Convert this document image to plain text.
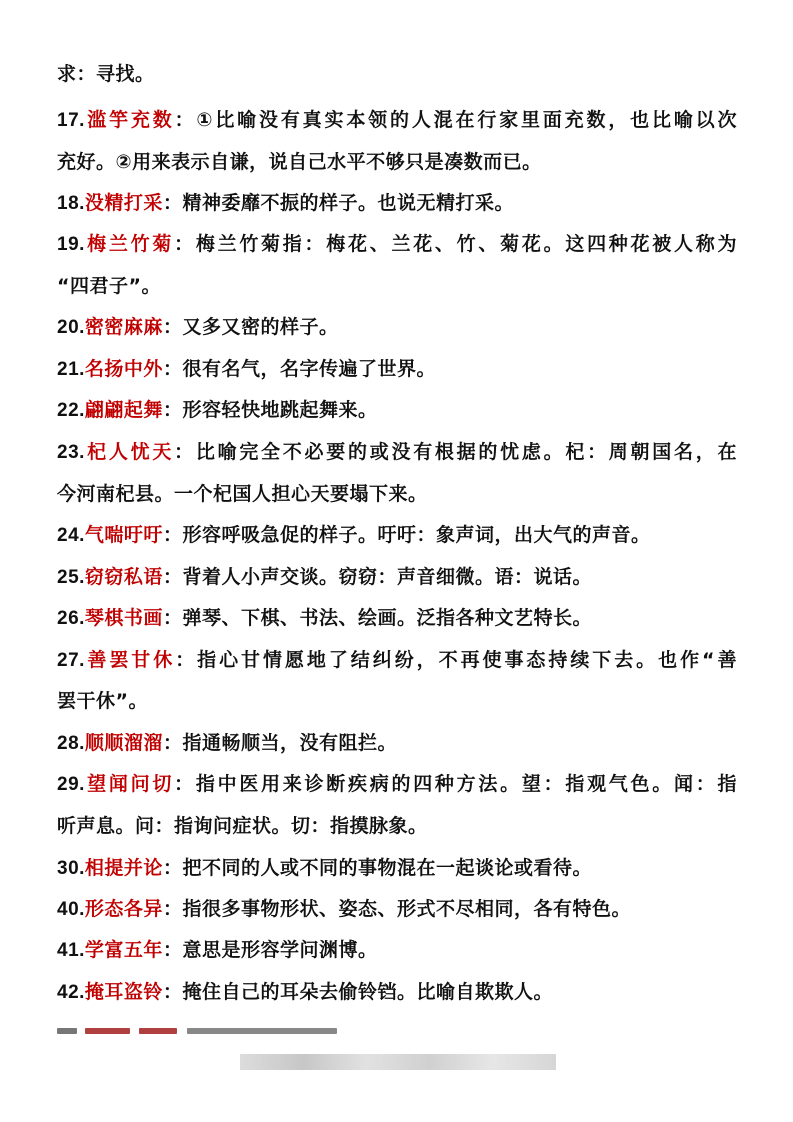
求：寻找。
17.滥竽充数：①比喻没有真实本领的人混在行家里面充数，也比喻以次
充好。②用来表示自谦，说自己水平不够只是凑数而已。
18.没精打采：精神委靡不振的样子。也说无精打采。
19.梅兰竹菊：梅兰竹菊指：梅花、兰花、竹、菊花。这四种花被人称为
“四君子”。
20.密密麻麻：又多又密的样子。
21.名扬中外：很有名气，名字传遍了世界。
22.翩翩起舞：形容轻快地跳起舞来。
23.杞人忧天：比喻完全不必要的或没有根据的忧虑。杞：周朝国名，在
今河南杞县。一个杞国人担心天要塌下来。
24.气喘吁吁：形容呼吸急促的样子。吁吁：象声词，出大气的声音。
25.窃窃私语：背着人小声交谈。窃窃：声音细微。语：说话。
26.琴棋书画：弹琴、下棋、书法、绘画。泛指各种文艺特长。
27.善罢甘休：指心甘情愿地了结纠纷，不再使事态持续下去。也作“善
罢干休”。
28.顺顺溜溜：指通畅顺当，没有阻拦。
29.望闻问切：指中医用来诊断疾病的四种方法。望：指观气色。闻：指
听声息。问：指询问症状。切：指摸脉象。
30.相提并论：把不同的人或不同的事物混在一起谈论或看待。
40.形态各异：指很多事物形状、姿态、形式不尽相同，各有特色。
41.学富五年：意思是形容学问渊博。
42.掩耳盗铃：掩住自己的耳朵去偷铃铛。比喻自欺欺人。
